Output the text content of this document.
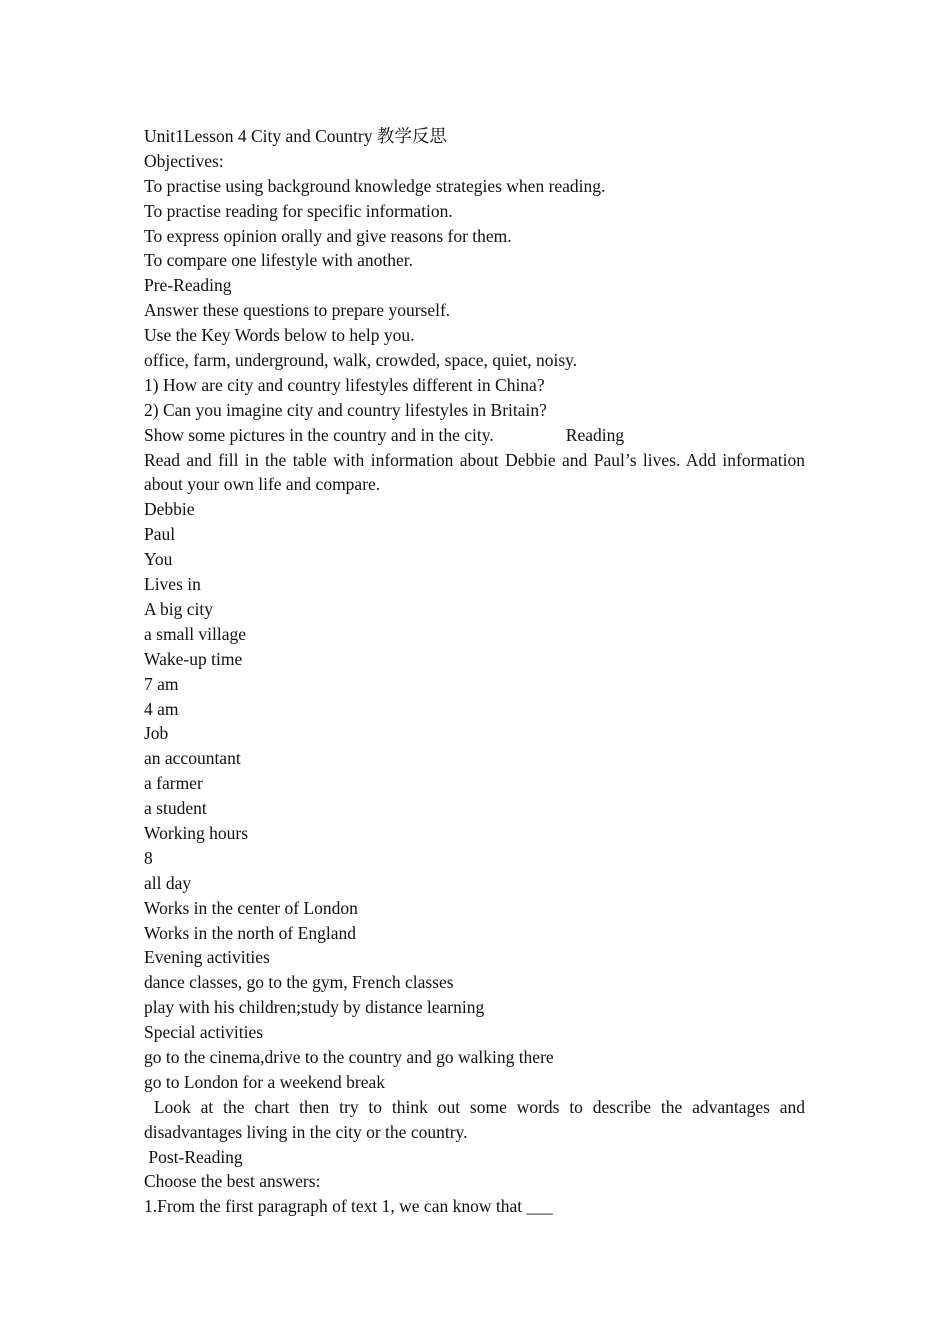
Unit1Lesson 4 City and Country 教学反思
Objectives:
To practise using background knowledge strategies when reading.
To practise reading for specific information.
To express opinion orally and give reasons for them.
To compare one lifestyle with another.
Pre-Reading
Answer these questions to prepare yourself.
Use the Key Words below to help you.
office, farm, underground, walk, crowded, space, quiet, noisy.
1) How are city and country lifestyles different in China?
2) Can you imagine city and country lifestyles in Britain?
Show some pictures in the country and in the city.	Reading
Read and fill in the table with information about Debbie and Paul’s lives. Add information about your own life and compare.
Debbie
Paul
You
Lives in
A big city
a small village
Wake-up time
7 am
4 am
Job
an accountant
a farmer
a student
Working hours
8
all day
Works in the center of London
Works in the north of England
Evening activities
dance classes, go to the gym, French classes
play with his children;study by distance learning
Special activities
go to the cinema,drive to the country and go walking there
go to London for a weekend break
Look at the chart then try to think out some words to describe the advantages and disadvantages living in the city or the country.
Post-Reading
Choose the best answers:
1.From the first paragraph of text 1, we can know that ___
